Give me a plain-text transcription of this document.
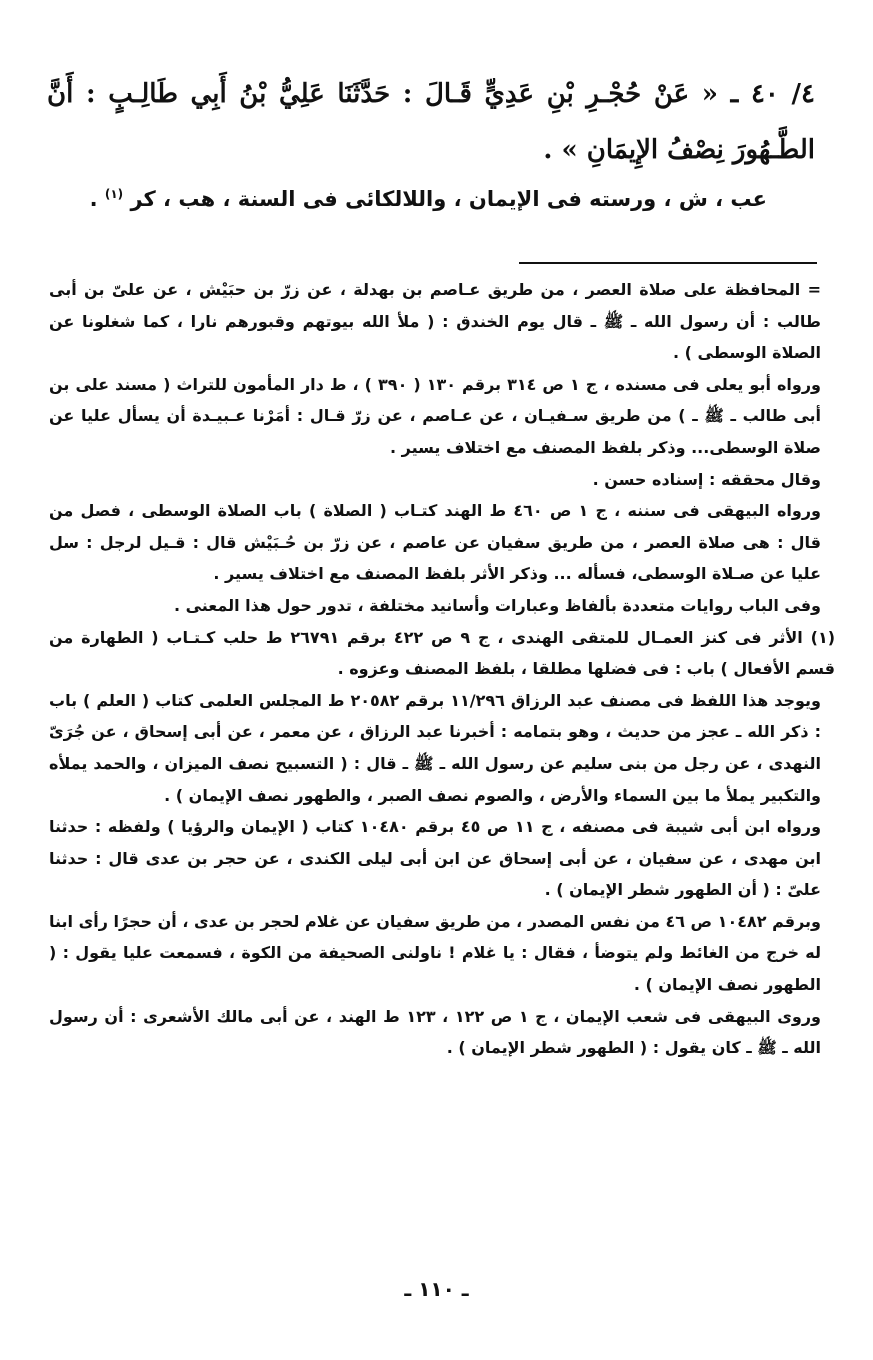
٤/ ٤٠ ـ « عَنْ حُجْـرِ بْنِ عَدِيٍّ قَـالَ : حَدَّثَنَا عَلِيُّ بْنُ أَبِي طَالِـبٍ : أَنَّ الطَّـهُورَ نِصْفُ الإِيمَانِ » .
عب ، ش ، ورسته فى الإيمان ، واللالكائى فى السنة ، هب ، كر $^{(١)}$ .

= المحافظة على صلاة العصر ، من طريق عـاصم بن بهدلة ، عن زرّ بن حبَيْش ، عن علىّ بن أبى طالب : أن رسول الله ـ ﷺ ـ قال يوم الخندق : ( ملأ الله بيوتهم وقبورهم نارا ، كما شغلونا عن الصلاة الوسطى ) .

ورواه أبو يعلى فى مسنده ، ج ١ ص ٣١٤ برقم ١٣٠ ( ٣٩٠ ) ، ط دار المأمون للتراث ( مسند على بن أبى طالب ـ ﷺ ـ ) من طريق سـفيـان ، عن عـاصم ، عن زرّ قـال : أمَرْنا عـبيـدة أن يسأل عليا عن صلاة الوسطى... وذكر بلفظ المصنف مع اختلاف يسير .

وقال محققه : إسناده حسن .

ورواه البيهقى فى سننه ، ج ١ ص ٤٦٠ ط الهند كتـاب ( الصلاة ) باب الصلاة الوسطى ، فصل من قال : هى صلاة العصر ، من طريق سفيان عن عاصم ، عن زرّ بن حُـبَيْش قال : قـيل لرجل : سل عليا عن صـلاة الوسطى، فسأله ... وذكر الأثر بلفظ المصنف مع اختلاف يسير .

وفى الباب روايات متعددة بألفاظ وعبارات وأسانيد مختلفة ، تدور حول هذا المعنى .

(١) الأثر فى كنز العمـال للمتقى الهندى ، ج ٩ ص ٤٢٢ برقم ٢٦٧٩١ ط حلب كـتـاب ( الطهارة من قسم الأفعال ) باب : فى فضلها مطلقا ، بلفظ المصنف وعزوه .

ويوجد هذا اللفظ فى مصنف عبد الرزاق ١١/٢٩٦ برقم ٢٠٥٨٢ ط المجلس العلمى كتاب ( العلم ) باب : ذكر الله ـ عجز من حديث ، وهو بتمامه : أخبرنا عبد الرزاق ، عن معمر ، عن أبى إسحاق ، عن جُرَىّ النهدى ، عن رجل من بنى سليم عن رسول الله ـ ﷺ ـ قال : ( التسبيح نصف الميزان ، والحمد يملأه والتكبير يملأ ما بين السماء والأرض ، والصوم نصف الصبر ، والطهور نصف الإيمان ) .

ورواه ابن أبى شيبة فى مصنفه ، ج ١١ ص ٤٥ برقم ١٠٤٨٠ كتاب ( الإيمان والرؤيا ) ولفظه : حدثنا ابن مهدى ، عن سفيان ، عن أبى إسحاق عن ابن أبى ليلى الكندى ، عن حجر بن عدى قال : حدثنا علىّ : ( أن الطهور شطر الإيمان ) .

وبرقم ١٠٤٨٢ ص ٤٦ من نفس المصدر ، من طريق سفيان عن غلام لحجر بن عدى ، أن حجرًا رأى ابنا له خرج من الغائط ولم يتوضأ ، فقال : يا غلام ! ناولنى الصحيفة من الكوة ، فسمعت عليا يقول : ( الطهور نصف الإيمان ) .

وروى البيهقى فى شعب الإيمان ، ج ١ ص ١٢٢ ، ١٢٣ ط الهند ، عن أبى مالك الأشعرى : أن رسول الله ـ ﷺ ـ كان يقول : ( الطهور شطر الإيمان ) .

ـ ١١٠ ـ
